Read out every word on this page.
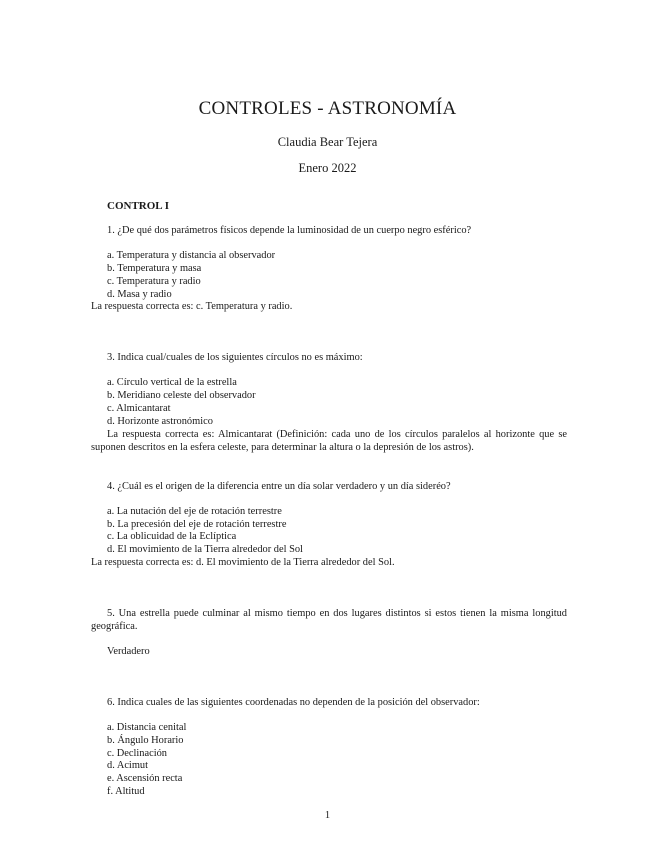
CONTROLES - ASTRONOMÍA
Claudia Bear Tejera
Enero 2022
CONTROL I
1. ¿De qué dos parámetros físicos depende la luminosidad de un cuerpo negro esférico?
a. Temperatura y distancia al observador
b. Temperatura y masa
c. Temperatura y radio
d. Masa y radio
La respuesta correcta es: c. Temperatura y radio.
3. Indica cual/cuales de los siguientes círculos no es máximo:
a. Círculo vertical de la estrella
b. Meridiano celeste del observador
c. Almicantarat
d. Horizonte astronómico
La respuesta correcta es: Almicantarat (Definición: cada uno de los círculos paralelos al horizonte que se suponen descritos en la esfera celeste, para determinar la altura o la depresión de los astros).
4. ¿Cuál es el origen de la diferencia entre un día solar verdadero y un día sideréo?
a. La nutación del eje de rotación terrestre
b. La precesión del eje de rotación terrestre
c. La oblicuidad de la Eclíptica
d. El movimiento de la Tierra alrededor del Sol
La respuesta correcta es: d. El movimiento de la Tierra alrededor del Sol.
5. Una estrella puede culminar al mismo tiempo en dos lugares distintos si estos tienen la misma longitud geográfica.
Verdadero
6. Indica cuales de las siguientes coordenadas no dependen de la posición del observador:
a. Distancia cenital
b. Ángulo Horario
c. Declinación
d. Acimut
e. Ascensión recta
f. Altitud
1
